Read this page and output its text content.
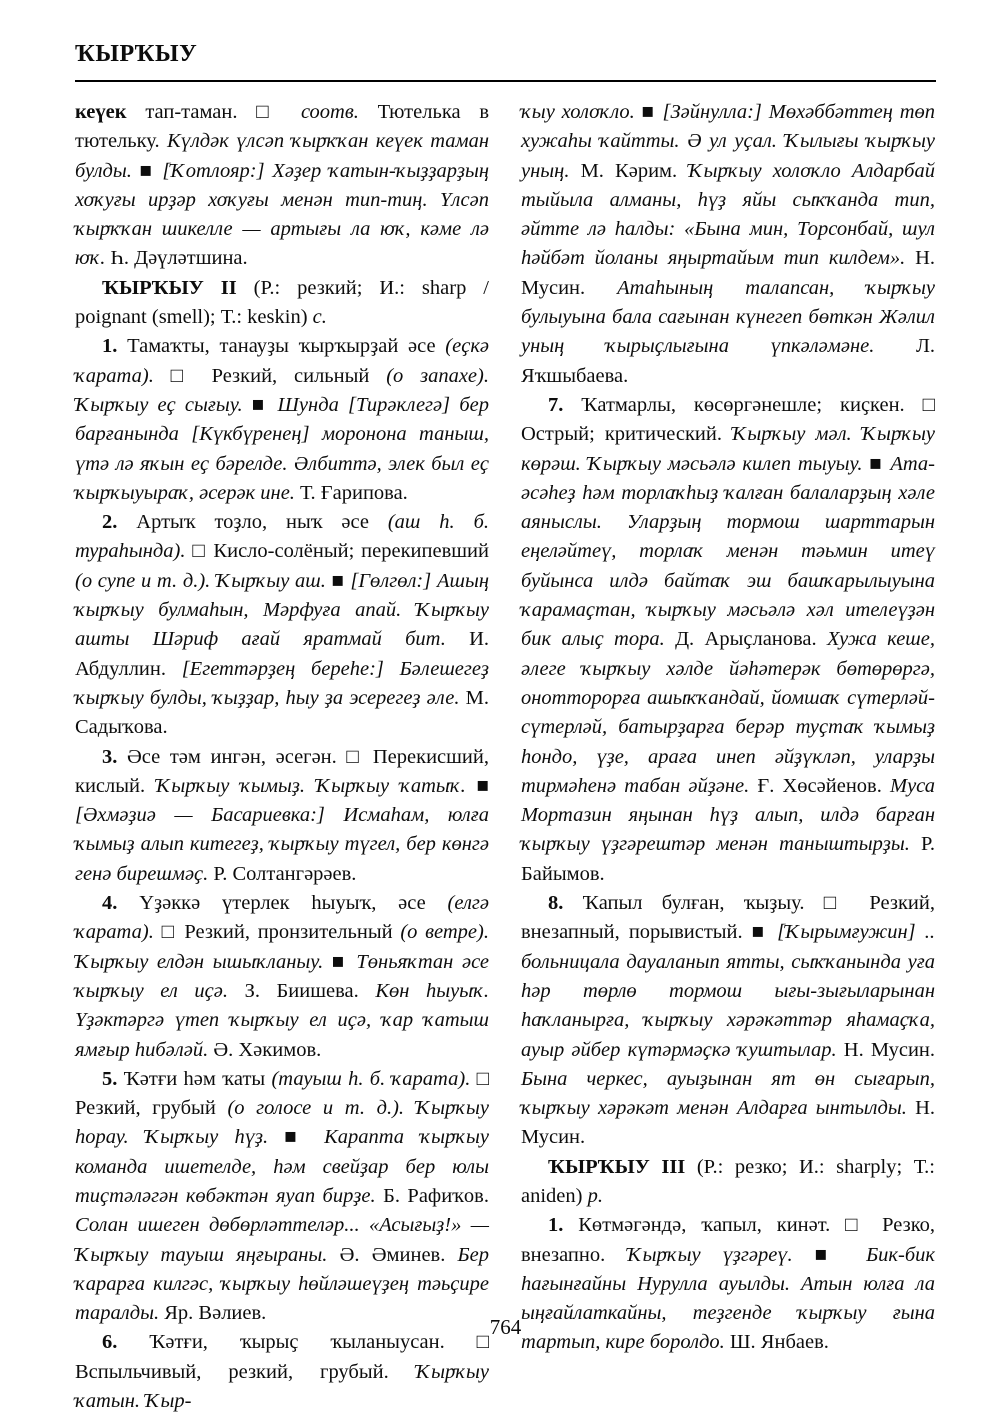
ҠЫРҠЫУ

кеүек тап-таман. □ соотв. Тютелька в тютельку. Күлдәк үлсәп ҡырҡҡан кеүек таман булды. ■ [Ҡотлояр:] Хәҙер ҡатын-ҡыҙҙарҙың хоҡуғы ирҙәр хоҡуғы менән тип-тиң. Үлсәп ҡырҡҡан шикелле — артығы ла юҡ, кәме лә юҡ. Һ. Дәүләтшина.

ҠЫРҠЫУ II (Р.: резкий; И.: sharp / poignant (smell); Т.: keskin) с.

1. Тамаҡты, танауҙы ҡырҡырҙай әсе (еҫкә ҡарата). □ Резкий, сильный (о запахе). Ҡырҡыу еҫ сығыу. ■ Шунда [Тирәклегә] бер барғанында [Күкбүренең] моронона таныш, үтә лә яҡын еҫ бәрелде. Әлбиттә, элек был еҫ ҡырҡыуыраҡ, әсерәк ине. Т. Ғарипова.

2. Артыҡ тоҙло, ныҡ әсе (аш һ. б. тураһында). □ Кисло-солёный; перекипевший (о супе и т. д.). Ҡырҡыу аш. ■ [Гөлгөл:] Ашың ҡырҡыу булмаһын, Мәрфуға апай. Ҡырҡыу ашты Шәриф ағай яратмай бит. И. Абдуллин. [Егеттәрҙең береһе:] Бәлешегеҙ ҡырҡыу булды, ҡыҙҙар, һыу ҙа эсерегеҙ әле. М. Садыҡова.

3. Әсе тәм ингән, әсегән. □ Перекисший, кислый. Ҡырҡыу ҡымыҙ. Ҡырҡыу ҡатыҡ. ■ [Әхмәҙиә — Басариевка:] Исмаһам, юлға ҡымыҙ алып китегеҙ, ҡырҡыу түгел, бер көнгә генә бирешмәҫ. Р. Солтангәрәев.

4. Үҙәккә үтерлек һыуыҡ, әсе (елгә ҡарата). □ Резкий, пронзительный (о ветре). Ҡырҡыу елдән ышыҡланыу. ■ Төньяҡтан әсе ҡырҡыу ел иҫә. З. Биишева. Көн һыуыҡ. Үҙәктәргә үтеп ҡырҡыу ел иҫә, ҡар ҡатыш ямғыр һибәләй. Ә. Хәкимов.

5. Ҡәтғи һәм ҡаты (тауыш һ. б. ҡарата). □ Резкий, грубый (о голосе и т. д.). Ҡырҡыу һорау. Ҡырҡыу һүҙ. ■ Карапта ҡырҡыу команда ишетелде, һәм свейҙар бер юлы тиҫтәләгән көбәктән яуап бирҙе. Б. Рафиҡов. Солан ишеген дөбөрләттеләр... «Асығыҙ!» — Ҡырҡыу тауыш яңғыраны. Ә. Әминев. Бер ҡарарға килгәс, ҡырҡыу һөйләшеүҙең тәьҫире таралды. Яр. Вәлиев.

6. Ҡәтғи, ҡырыҫ ҡыланыусан. □ Вспыльчивый, резкий, грубый. Ҡырҡыу ҡатын. Ҡыр-

ҡыу холоҡло. ■ [Зәйнулла:] Мөхәббәттең төп хужаһы ҡайтты. Ә ул уҫал. Ҡылығы ҡырҡыу уның. М. Кәрим. Ҡырҡыу холоҡло Алдарбай тыйыла алманы, һүҙ яйы сыҡҡанда тип, әйтте лә һалды: «Бына мин, Торсонбай, шул һәйбәт йоланы яңыртайым тип килдем». Н. Мусин. Атаһының талапсан, ҡырҡыу булыуына бала сағынан күнегеп бөткән Жәлил уның ҡырыҫлығына үпкәләмәне. Л. Яҡшыбаева.

7. Ҡатмарлы, көсөргәнешле; киҫкен. □ Острый; критический. Ҡырҡыу мәл. Ҡырҡыу көрәш. Ҡырҡыу мәсьәлә килеп тыуыу. ■ Ата-әсәһеҙ һәм торлаҡһыҙ ҡалған балаларҙың хәле аяныслы. Уларҙың тормош шарттарын еңеләйтеү, торлаҡ менән тәьмин итеү буйынса илдә байтаҡ эш башҡарылыуына ҡарамаҫтан, ҡырҡыу мәсьәлә хәл ителеүҙән бик алыҫ тора. Д. Арыҫланова. Хужа кеше, әлеге ҡырҡыу хәлде йәһәтерәк бөтөрөргә, онотторорға ашыҡҡандай, йомшаҡ сүтерләй-сүтерләй, батырҙарға берәр туҫтаҡ ҡымыҙ һондо, үҙе, араға инеп әйҙүкләп, уларҙы тирмәһенә табан әйҙәне. Ғ. Хөсәйенов. Муса Мортазин яңынан һүҙ алып, илдә барған ҡырҡыу үҙгәрештәр менән таныштырҙы. Р. Байымов.

8. Ҡапыл булған, ҡыҙыу. □ Резкий, внезапный, порывистый. ■ [Ҡырымғужин] .. больницала дауаланып ятты, сыҡҡанында уға һәр төрлө тормош ығы-зығыларынан һаҡланырға, ҡырҡыу хәрәкәттәр яһамаҫҡа, ауыр әйбер күтәрмәҫкә ҡуштылар. Н. Мусин. Бына черкес, ауыҙынан ят өн сығарып, ҡырҡыу хәрәкәт менән Алдарға ынтылды. Н. Мусин.

ҠЫРҠЫУ III (Р.: резко; И.: sharply; Т.: aniden) р.

1. Көтмәгәндә, ҡапыл, кинәт. □ Резко, внезапно. Ҡырҡыу үҙгәреү. ■ Бик-бик һағынғайны Нурулла ауылды. Атын юлға ла ыңғайлаткайны, теҙгенде ҡырҡыу ғына тартып, кире боролдо. Ш. Янбаев.

764
